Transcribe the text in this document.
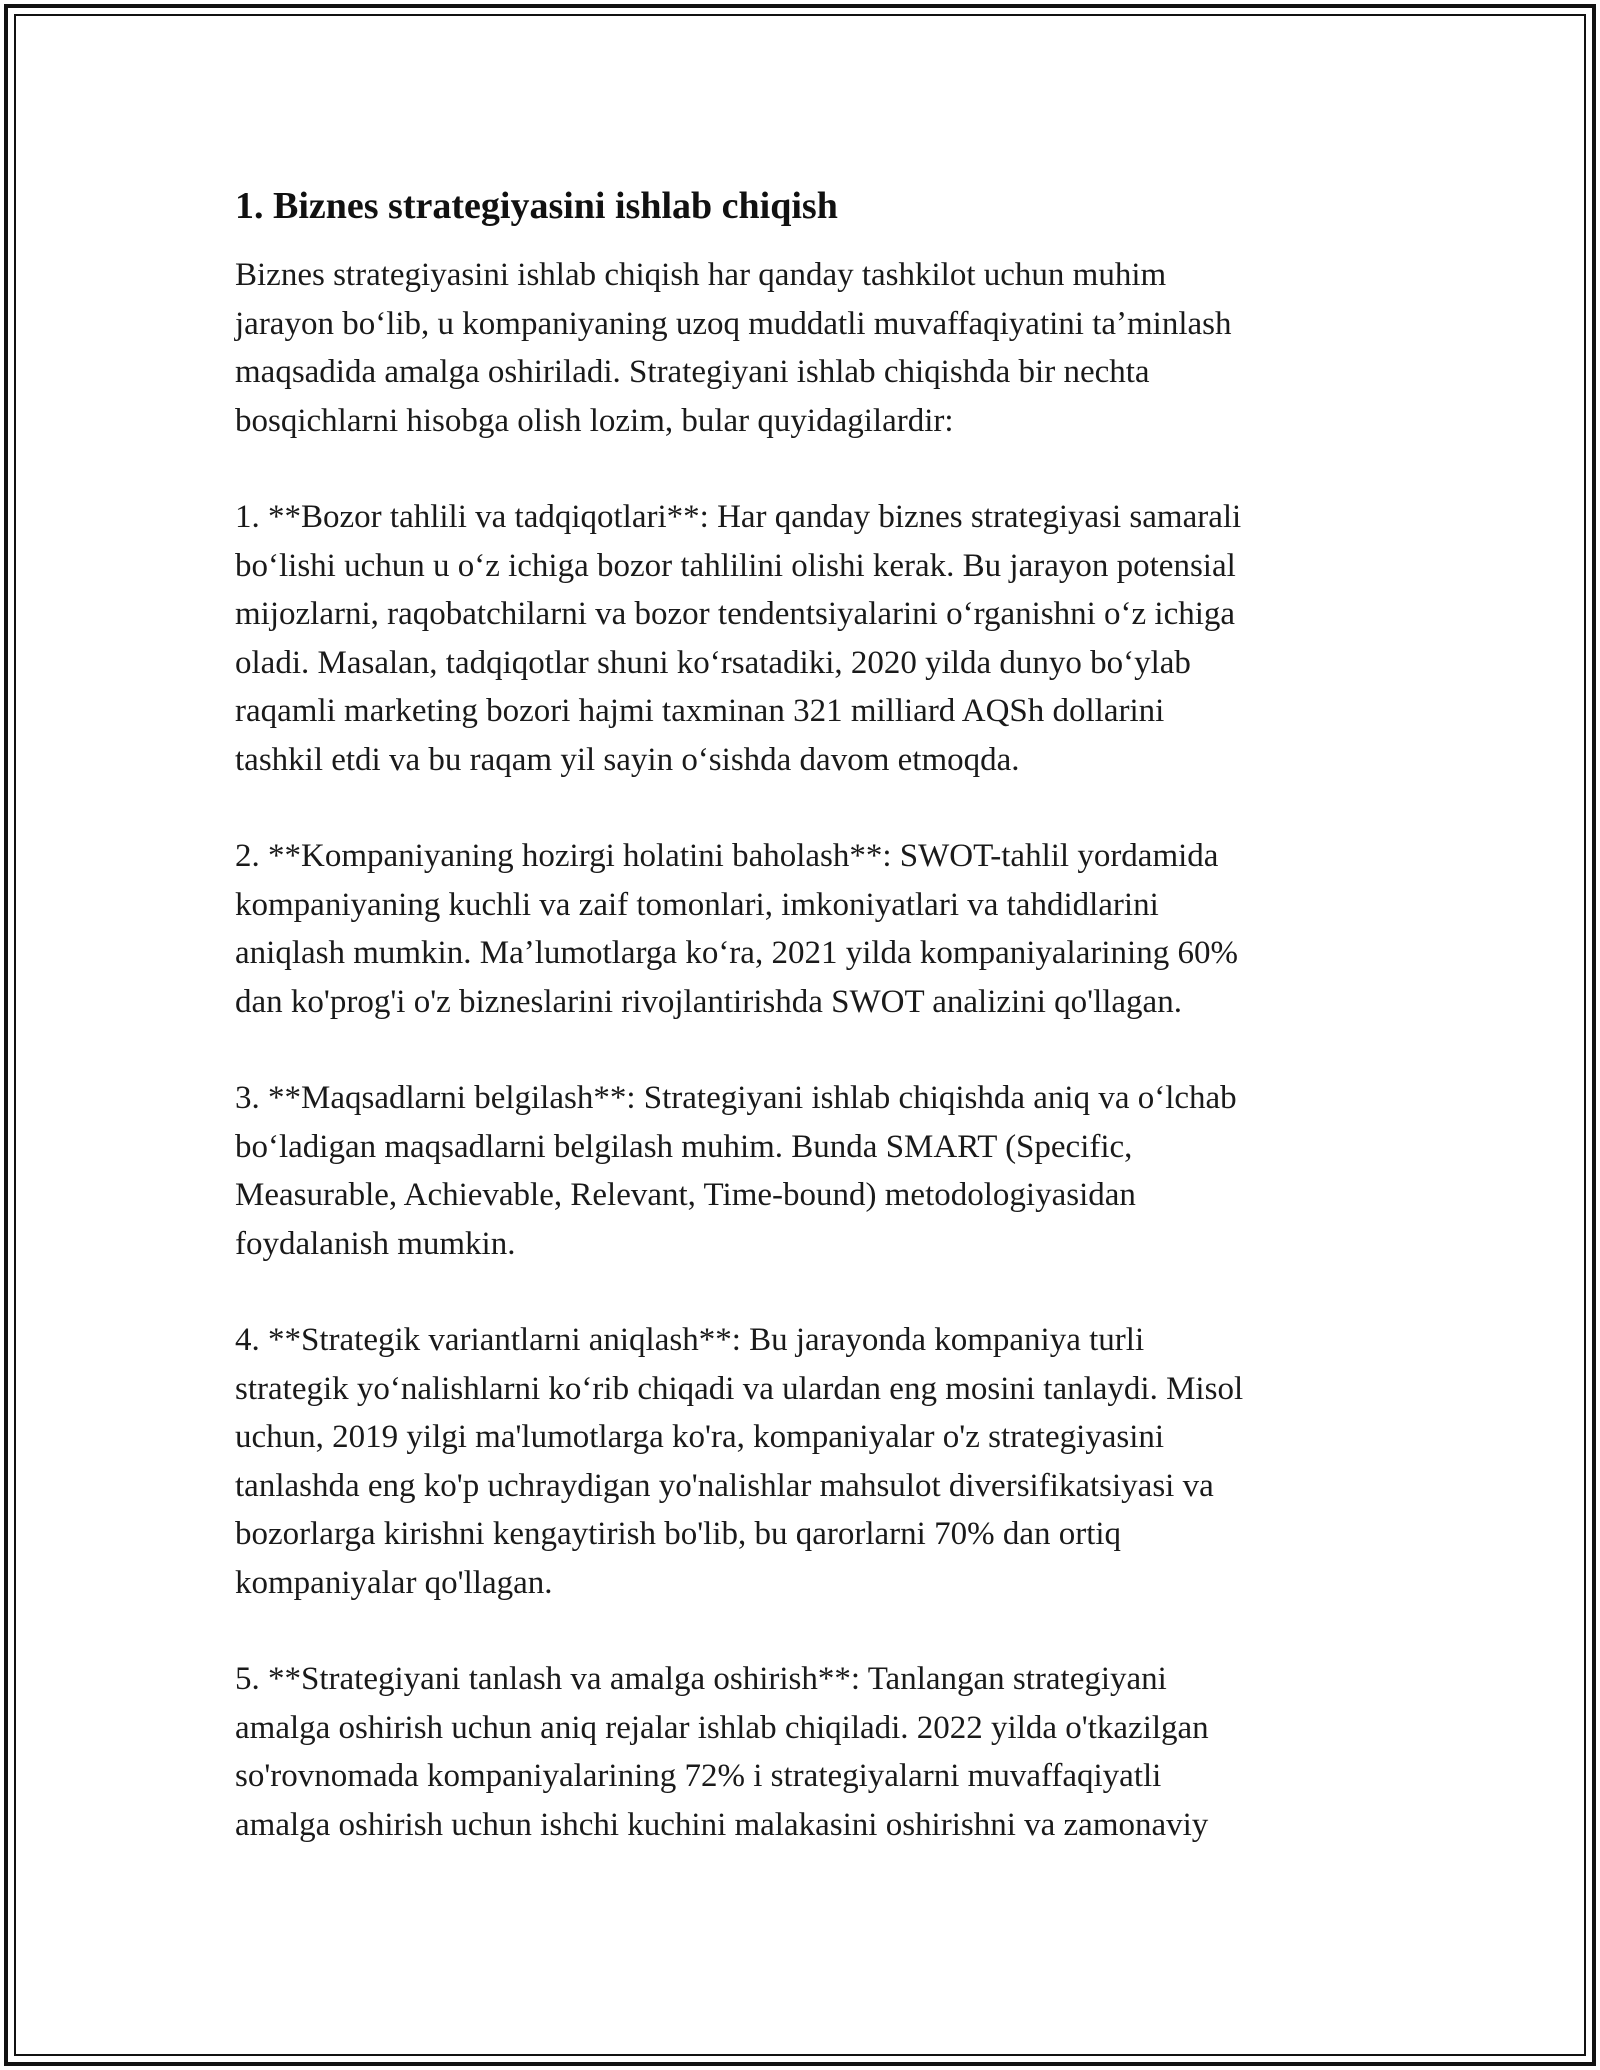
1. Biznes strategiyasini ishlab chiqish

Biznes strategiyasini ishlab chiqish har qanday tashkilot uchun muhim
jarayon boʻlib, u kompaniyaning uzoq muddatli muvaffaqiyatini taʼminlash
maqsadida amalga oshiriladi. Strategiyani ishlab chiqishda bir nechta
bosqichlarni hisobga olish lozim, bular quyidagilardir:

1. **Bozor tahlili va tadqiqotlari**: Har qanday biznes strategiyasi samarali
boʻlishi uchun u oʻz ichiga bozor tahlilini olishi kerak. Bu jarayon potensial
mijozlarni, raqobatchilarni va bozor tendentsiyalarini oʻrganishni oʻz ichiga
oladi. Masalan, tadqiqotlar shuni koʻrsatadiki, 2020 yilda dunyo boʻylab
raqamli marketing bozori hajmi taxminan 321 milliard AQSh dollarini
tashkil etdi va bu raqam yil sayin oʻsishda davom etmoqda.

2. **Kompaniyaning hozirgi holatini baholash**: SWOT-tahlil yordamida
kompaniyaning kuchli va zaif tomonlari, imkoniyatlari va tahdidlarini
aniqlash mumkin. Maʼlumotlarga koʻra, 2021 yilda kompaniyalarining 60%
dan ko'prog'i o'z bizneslarini rivojlantirishda SWOT analizini qo'llagan.

3. **Maqsadlarni belgilash**: Strategiyani ishlab chiqishda aniq va oʻlchab
boʻladigan maqsadlarni belgilash muhim. Bunda SMART (Specific,
Measurable, Achievable, Relevant, Time-bound) metodologiyasidan
foydalanish mumkin.

4. **Strategik variantlarni aniqlash**: Bu jarayonda kompaniya turli
strategik yoʻnalishlarni koʻrib chiqadi va ulardan eng mosini tanlaydi. Misol
uchun, 2019 yilgi ma'lumotlarga ko'ra, kompaniyalar o'z strategiyasini
tanlashda eng ko'p uchraydigan yo'nalishlar mahsulot diversifikatsiyasi va
bozorlarga kirishni kengaytirish bo'lib, bu qarorlarni 70% dan ortiq
kompaniyalar qo'llagan.

5. **Strategiyani tanlash va amalga oshirish**: Tanlangan strategiyani
amalga oshirish uchun aniq rejalar ishlab chiqiladi. 2022 yilda o'tkazilgan
so'rovnomada kompaniyalarining 72% i strategiyalarni muvaffaqiyatli
amalga oshirish uchun ishchi kuchini malakasini oshirishni va zamonaviy
